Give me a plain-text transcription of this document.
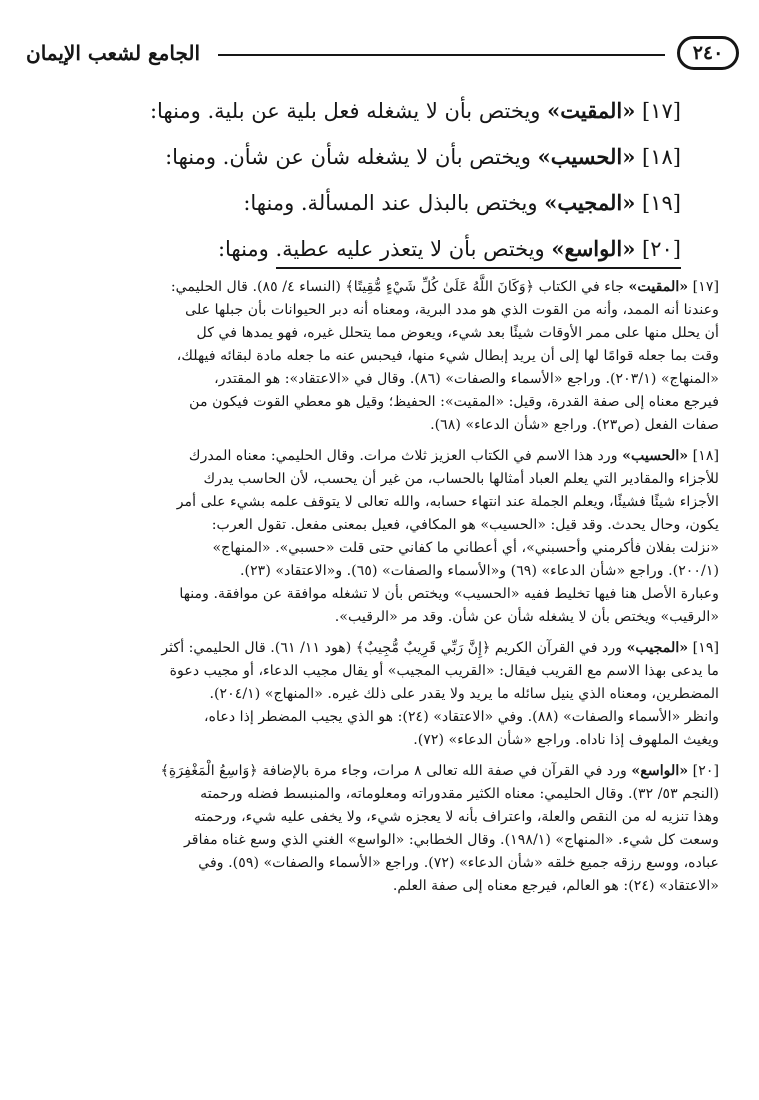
٢٤٠
الجامع لشعب الإيمان
[١٧] «المقيت» ويختص بأن لا يشغله فعل بلية عن بلية. ومنها:
[١٨] «الحسيب» ويختص بأن لا يشغله شأن عن شأن. ومنها:
[١٩] «المجيب» ويختص بالبذل عند المسألة. ومنها:
[٢٠] «الواسع» ويختص بأن لا يتعذر عليه عطية. ومنها:

[١٧] «المقيت» جاء في الكتاب ﴿وَكَانَ اللَّهُ عَلَىٰ كُلِّ شَيْءٍ مُّقِيتًا﴾ (النساء ٤/ ٨٥). قال الحليمي:

وعندنا أنه الممد، وأنه من القوت الذي هو مدد البرية، ومعناه أنه دبر الحيوانات بأن جبلها على

أن يحلل منها على ممر الأوقات شيئًا بعد شيء، ويعوض مما يتحلل غيره، فهو يمدها في كل

وقت بما جعله قوامًا لها إلى أن يريد إبطال شيء منها، فيحبس عنه ما جعله مادة لبقائه فيهلك،

«المنهاج» (٢٠٣/١). وراجع «الأسماء والصفات» (٨٦). وقال في «الاعتقاد»: هو المقتدر،

فيرجع معناه إلى صفة القدرة، وقيل: «المقيت»: الحفيظ؛ وقيل هو معطي القوت فيكون من

صفات الفعل (ص٢٣). وراجع «شأن الدعاء» (٦٨).

[١٨] «الحسيب» ورد هذا الاسم في الكتاب العزيز ثلاث مرات. وقال الحليمي: معناه المدرك

للأجزاء والمقادير التي يعلم العباد أمثالها بالحساب، من غير أن يحسب، لأن الحاسب يدرك

الأجزاء شيئًا فشيئًا، ويعلم الجملة عند انتهاء حسابه، والله تعالى لا يتوقف علمه بشيء على أمر

يكون، وحال يحدث. وقد قيل: «الحسيب» هو المكافي، فعيل بمعنى مفعل. تقول العرب:

«نزلت بفلان فأكرمني وأحسبني»، أي أعطاني ما كفاني حتى قلت «حسبي». «المنهاج»

(٢٠٠/١). وراجع «شأن الدعاء» (٦٩) و«الأسماء والصفات» (٦٥). و«الاعتقاد» (٢٣).

وعبارة الأصل هنا فيها تخليط ففيه «الحسيب» ويختص بأن لا تشغله موافقة عن موافقة. ومنها

«الرقيب» ويختص بأن لا يشغله شأن عن شأن. وقد مر «الرقيب».

[١٩] «المجيب» ورد في القرآن الكريم ﴿إِنَّ رَبِّي قَرِيبٌ مُّجِيبٌ﴾ (هود ١١/ ٦١). قال الحليمي: أكثر

ما يدعى بهذا الاسم مع القريب فيقال: «القريب المجيب» أو يقال مجيب الدعاء، أو مجيب دعوة

المضطرين، ومعناه الذي ينيل سائله ما يريد ولا يقدر على ذلك غيره. «المنهاج» (٢٠٤/١).

وانظر «الأسماء والصفات» (٨٨). وفي «الاعتقاد» (٢٤): هو الذي يجيب المضطر إذا دعاه،

ويغيث الملهوف إذا ناداه. وراجع «شأن الدعاء» (٧٢).

[٢٠] «الواسع» ورد في القرآن في صفة الله تعالى ٨ مرات، وجاء مرة بالإضافة ﴿وَاسِعُ الْمَغْفِرَةِ﴾

(النجم ٥٣/ ٣٢). وقال الحليمي: معناه الكثير مقدوراته ومعلوماته، والمنبسط فضله ورحمته

وهذا تنزيه له من النقص والعلة، واعتراف بأنه لا يعجزه شيء، ولا يخفى عليه شيء، ورحمته

وسعت كل شيء. «المنهاج» (١٩٨/١). وقال الخطابي: «الواسع» الغني الذي وسع غناه مفاقر

عباده، ووسع رزقه جميع خلقه «شأن الدعاء» (٧٢). وراجع «الأسماء والصفات» (٥٩). وفي

«الاعتقاد» (٢٤): هو العالم، فيرجع معناه إلى صفة العلم.
